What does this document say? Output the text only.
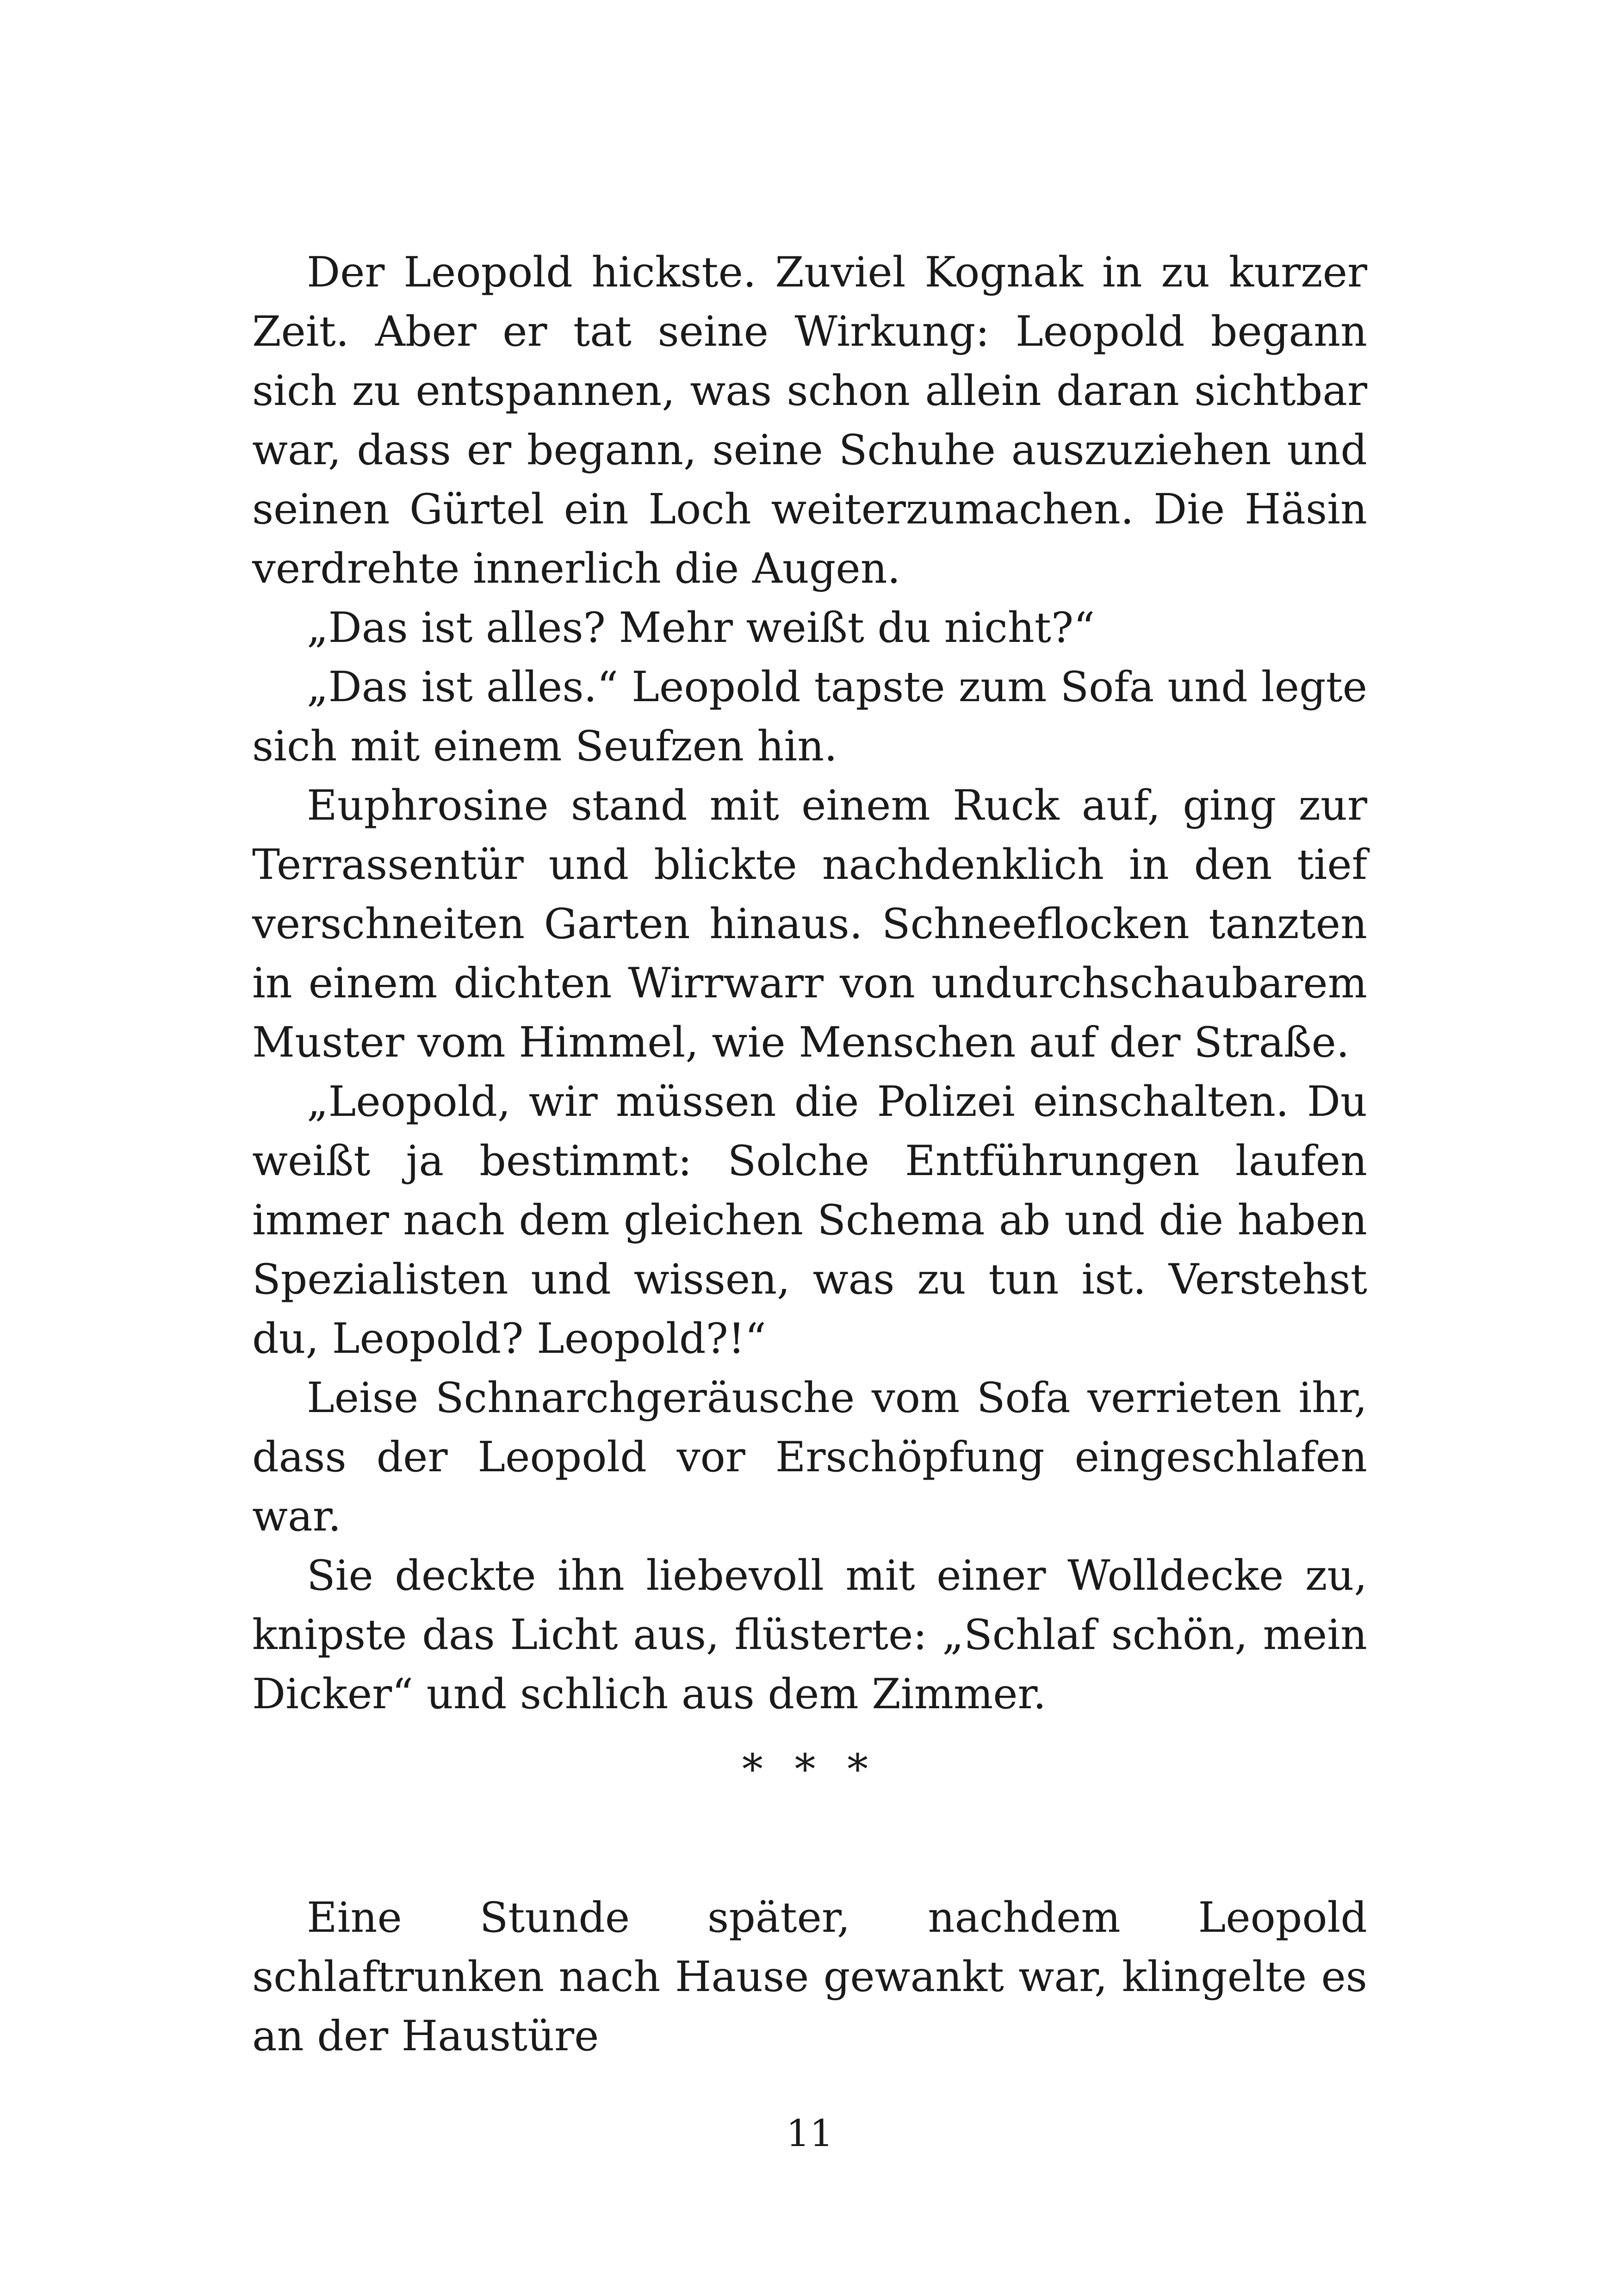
Der Leopold hickste. Zuviel Kognak in zu kurzer Zeit. Aber er tat seine Wirkung: Leopold begann sich zu entspannen, was schon allein daran sichtbar war, dass er begann, seine Schuhe auszuziehen und seinen Gürtel ein Loch weiterzumachen. Die Häsin verdrehte innerlich die Augen.

„Das ist alles? Mehr weißt du nicht?“

„Das ist alles.“ Leopold tapste zum Sofa und legte sich mit einem Seufzen hin.

Euphrosine stand mit einem Ruck auf, ging zur Terrassentür und blickte nachdenklich in den tief verschneiten Garten hinaus. Schneeflocken tanzten in einem dichten Wirrwarr von undurchschaubarem Muster vom Himmel, wie Menschen auf der Straße.

„Leopold, wir müssen die Polizei einschalten. Du weißt ja bestimmt: Solche Entführungen laufen immer nach dem gleichen Schema ab und die haben Spezialisten und wissen, was zu tun ist. Verstehst du, Leopold? Leopold?!“

Leise Schnarchgeräusche vom Sofa verrieten ihr, dass der Leopold vor Erschöpfung eingeschlafen war.

Sie deckte ihn liebevoll mit einer Wolldecke zu, knipste das Licht aus, flüsterte: „Schlaf schön, mein Dicker“ und schlich aus dem Zimmer.

* * *

Eine Stunde später, nachdem Leopold schlaftrunken nach Hause gewankt war, klingelte es an der Haustüre

11
